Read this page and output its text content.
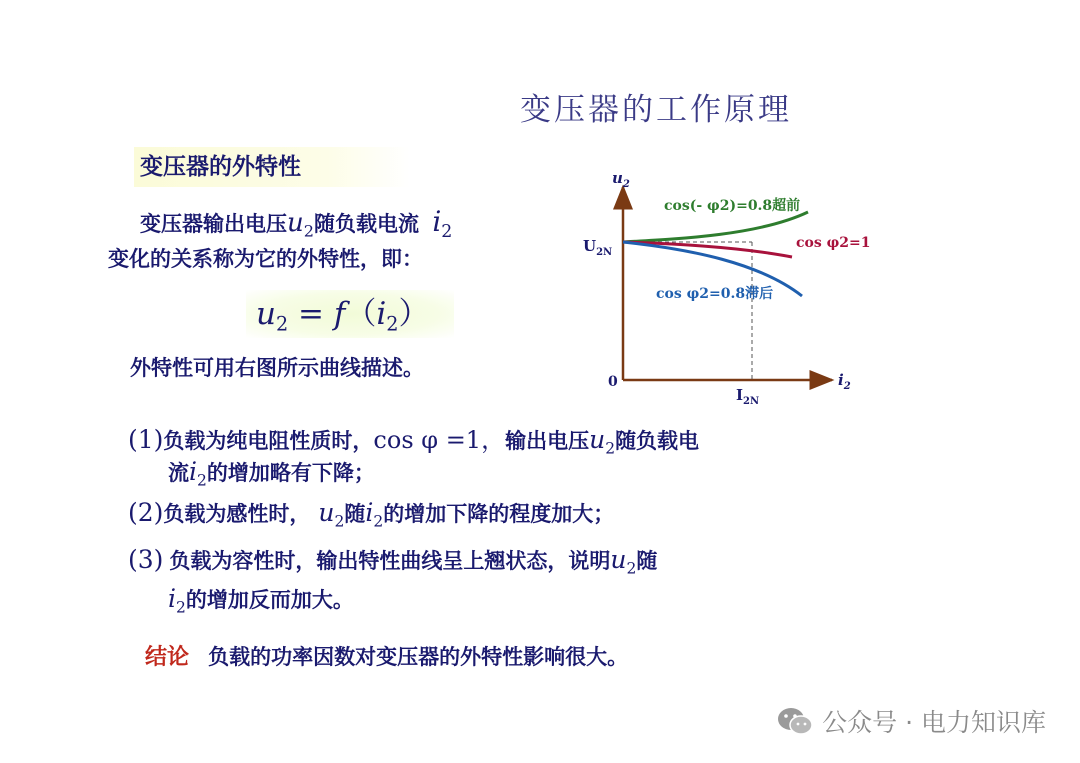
变压器的工作原理
变压器的外特性
变压器输出电压$u_2$随负载电流 $i_2$
变化的关系称为它的外特性，即：
$u_2 = f(i_2)$
外特性可用右图所示曲线描述。
$u_2$
$i_2$
0
$U_{2N}$
$I_{2N}$
cos(- φ2)=0.8超前
cos φ2=1
cos φ2=0.8滞后
(1)负载为纯电阻性质时，cos φ =1，输出电压$u_2$随负载电
流$i_2$的增加略有下降；
(2)负载为感性时， $u_2$随$i_2$的增加下降的程度加大；
(3) 负载为容性时，输出特性曲线呈上翘状态，说明$u_2$随
$i_2$的增加反而加大。
结论 负载的功率因数对变压器的外特性影响很大。
公众号 · 电力知识库
